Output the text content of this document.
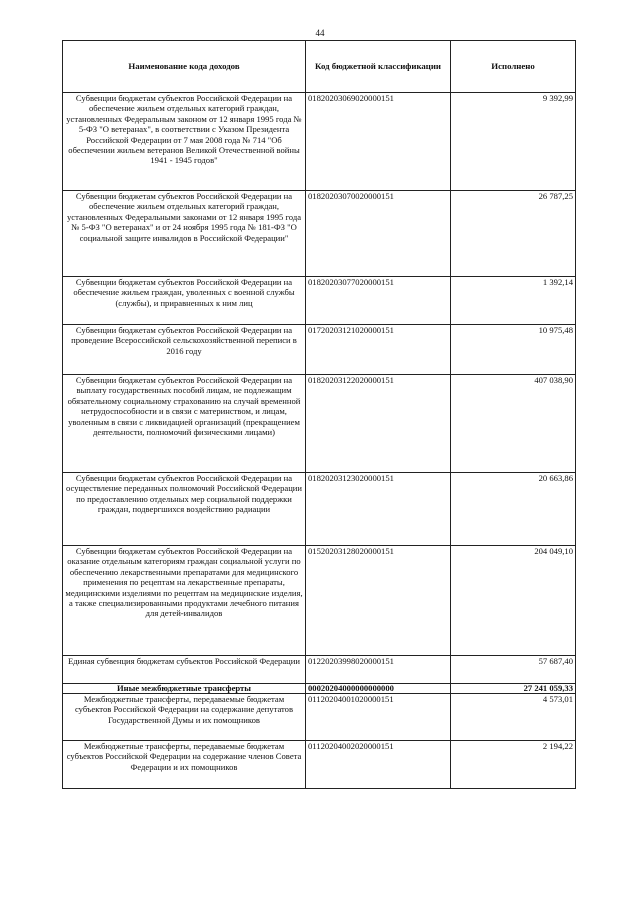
44
Наименование кода доходов	Код бюджетной классификации	Исполнено
Субвенции бюджетам субъектов Российской Федерации на обеспечение жильем отдельных категорий граждан, установленных Федеральным законом от 12 января 1995 года № 5-ФЗ "О ветеранах", в соответствии с Указом Президента Российской Федерации от 7 мая 2008 года № 714 "Об обеспечении жильем ветеранов Великой Отечественной войны 1941 - 1945 годов"	01820203069020000151	9 392,99
Субвенции бюджетам субъектов Российской Федерации на обеспечение жильем отдельных категорий граждан, установленных Федеральными законами от 12 января 1995 года № 5-ФЗ "О ветеранах" и от 24 ноября 1995 года № 181-ФЗ "О социальной защите инвалидов в Российской Федерации"	01820203070020000151	26 787,25
Субвенции бюджетам субъектов Российской Федерации на обеспечение жильем граждан, уволенных с военной службы (службы), и приравненных к ним лиц	01820203077020000151	1 392,14
Субвенции бюджетам субъектов Российской Федерации на проведение Всероссийской сельскохозяйственной переписи в 2016 году	01720203121020000151	10 975,48
Субвенции бюджетам субъектов Российской Федерации на выплату государственных пособий лицам, не подлежащим обязательному социальному страхованию на случай временной нетрудоспособности и в связи с материнством, и лицам, уволенным в связи с ликвидацией организаций (прекращением деятельности, полномочий физическими лицами)	01820203122020000151	407 038,90
Субвенции бюджетам субъектов Российской Федерации на осуществление переданных полномочий Российской Федерации по предоставлению отдельных мер социальной поддержки граждан, подвергшихся воздействию радиации	01820203123020000151	20 663,86
Субвенции бюджетам субъектов Российской Федерации на оказание отдельным категориям граждан социальной услуги по обеспечению лекарственными препаратами для медицинского применения по рецептам на лекарственные препараты, медицинскими изделиями по рецептам на медицинские изделия, а также специализированными продуктами лечебного питания для детей-инвалидов	01520203128020000151	204 049,10
Единая субвенция бюджетам субъектов Российской Федерации	01220203998020000151	57 687,40
Иные межбюджетные трансферты	00020204000000000000	27 241 059,33
Межбюджетные трансферты, передаваемые бюджетам субъектов Российской Федерации на содержание депутатов Государственной Думы и их помощников	01120204001020000151	4 573,01
Межбюджетные трансферты, передаваемые бюджетам субъектов Российской Федерации на содержание членов Совета Федерации и их помощников	01120204002020000151	2 194,22
